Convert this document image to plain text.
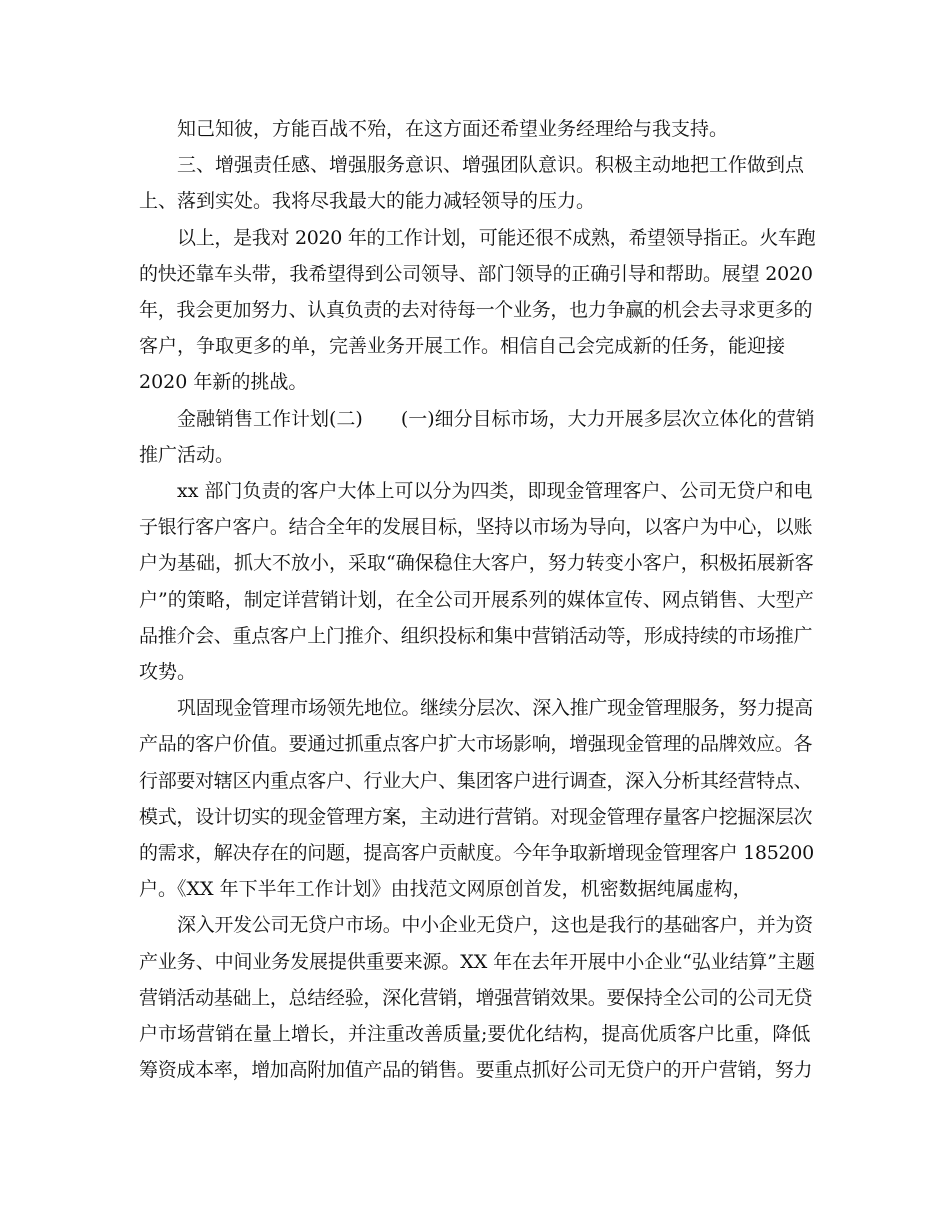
知己知彼，方能百战不殆，在这方面还希望业务经理给与我支持。
三、增强责任感、增强服务意识、增强团队意识。积极主动地把工作做到点
上、落到实处。我将尽我最大的能力减轻领导的压力。
以上，是我对 2020 年的工作计划，可能还很不成熟，希望领导指正。火车跑
的快还靠车头带，我希望得到公司领导、部门领导的正确引导和帮助。展望 2020
年，我会更加努力、认真负责的去对待每一个业务，也力争赢的机会去寻求更多的
客户，争取更多的单，完善业务开展工作。相信自己会完成新的任务，能迎接
2020 年新的挑战。
金融销售工作计划(二)　　(一)细分目标市场，大力开展多层次立体化的营销
推广活动。
xx 部门负责的客户大体上可以分为四类，即现金管理客户、公司无贷户和电
子银行客户客户。结合全年的发展目标，坚持以市场为导向，以客户为中心，以账
户为基础，抓大不放小，采取“确保稳住大客户，努力转变小客户，积极拓展新客
户”的策略，制定详营销计划，在全公司开展系列的媒体宣传、网点销售、大型产
品推介会、重点客户上门推介、组织投标和集中营销活动等，形成持续的市场推广
攻势。
巩固现金管理市场领先地位。继续分层次、深入推广现金管理服务，努力提高
产品的客户价值。要通过抓重点客户扩大市场影响，增强现金管理的品牌效应。各
行部要对辖区内重点客户、行业大户、集团客户进行调查，深入分析其经营特点、
模式，设计切实的现金管理方案，主动进行营销。对现金管理存量客户挖掘深层次
的需求，解决存在的问题，提高客户贡献度。今年争取新增现金管理客户 185200
户。《XX 年下半年工作计划》由找范文网原创首发，机密数据纯属虚构，
深入开发公司无贷户市场。中小企业无贷户，这也是我行的基础客户，并为资
产业务、中间业务发展提供重要来源。XX 年在去年开展中小企业“弘业结算”主题
营销活动基础上，总结经验，深化营销，增强营销效果。要保持全公司的公司无贷
户市场营销在量上增长，并注重改善质量;要优化结构，提高优质客户比重，降低
筹资成本率，增加高附加值产品的销售。要重点抓好公司无贷户的开户营销，努力
